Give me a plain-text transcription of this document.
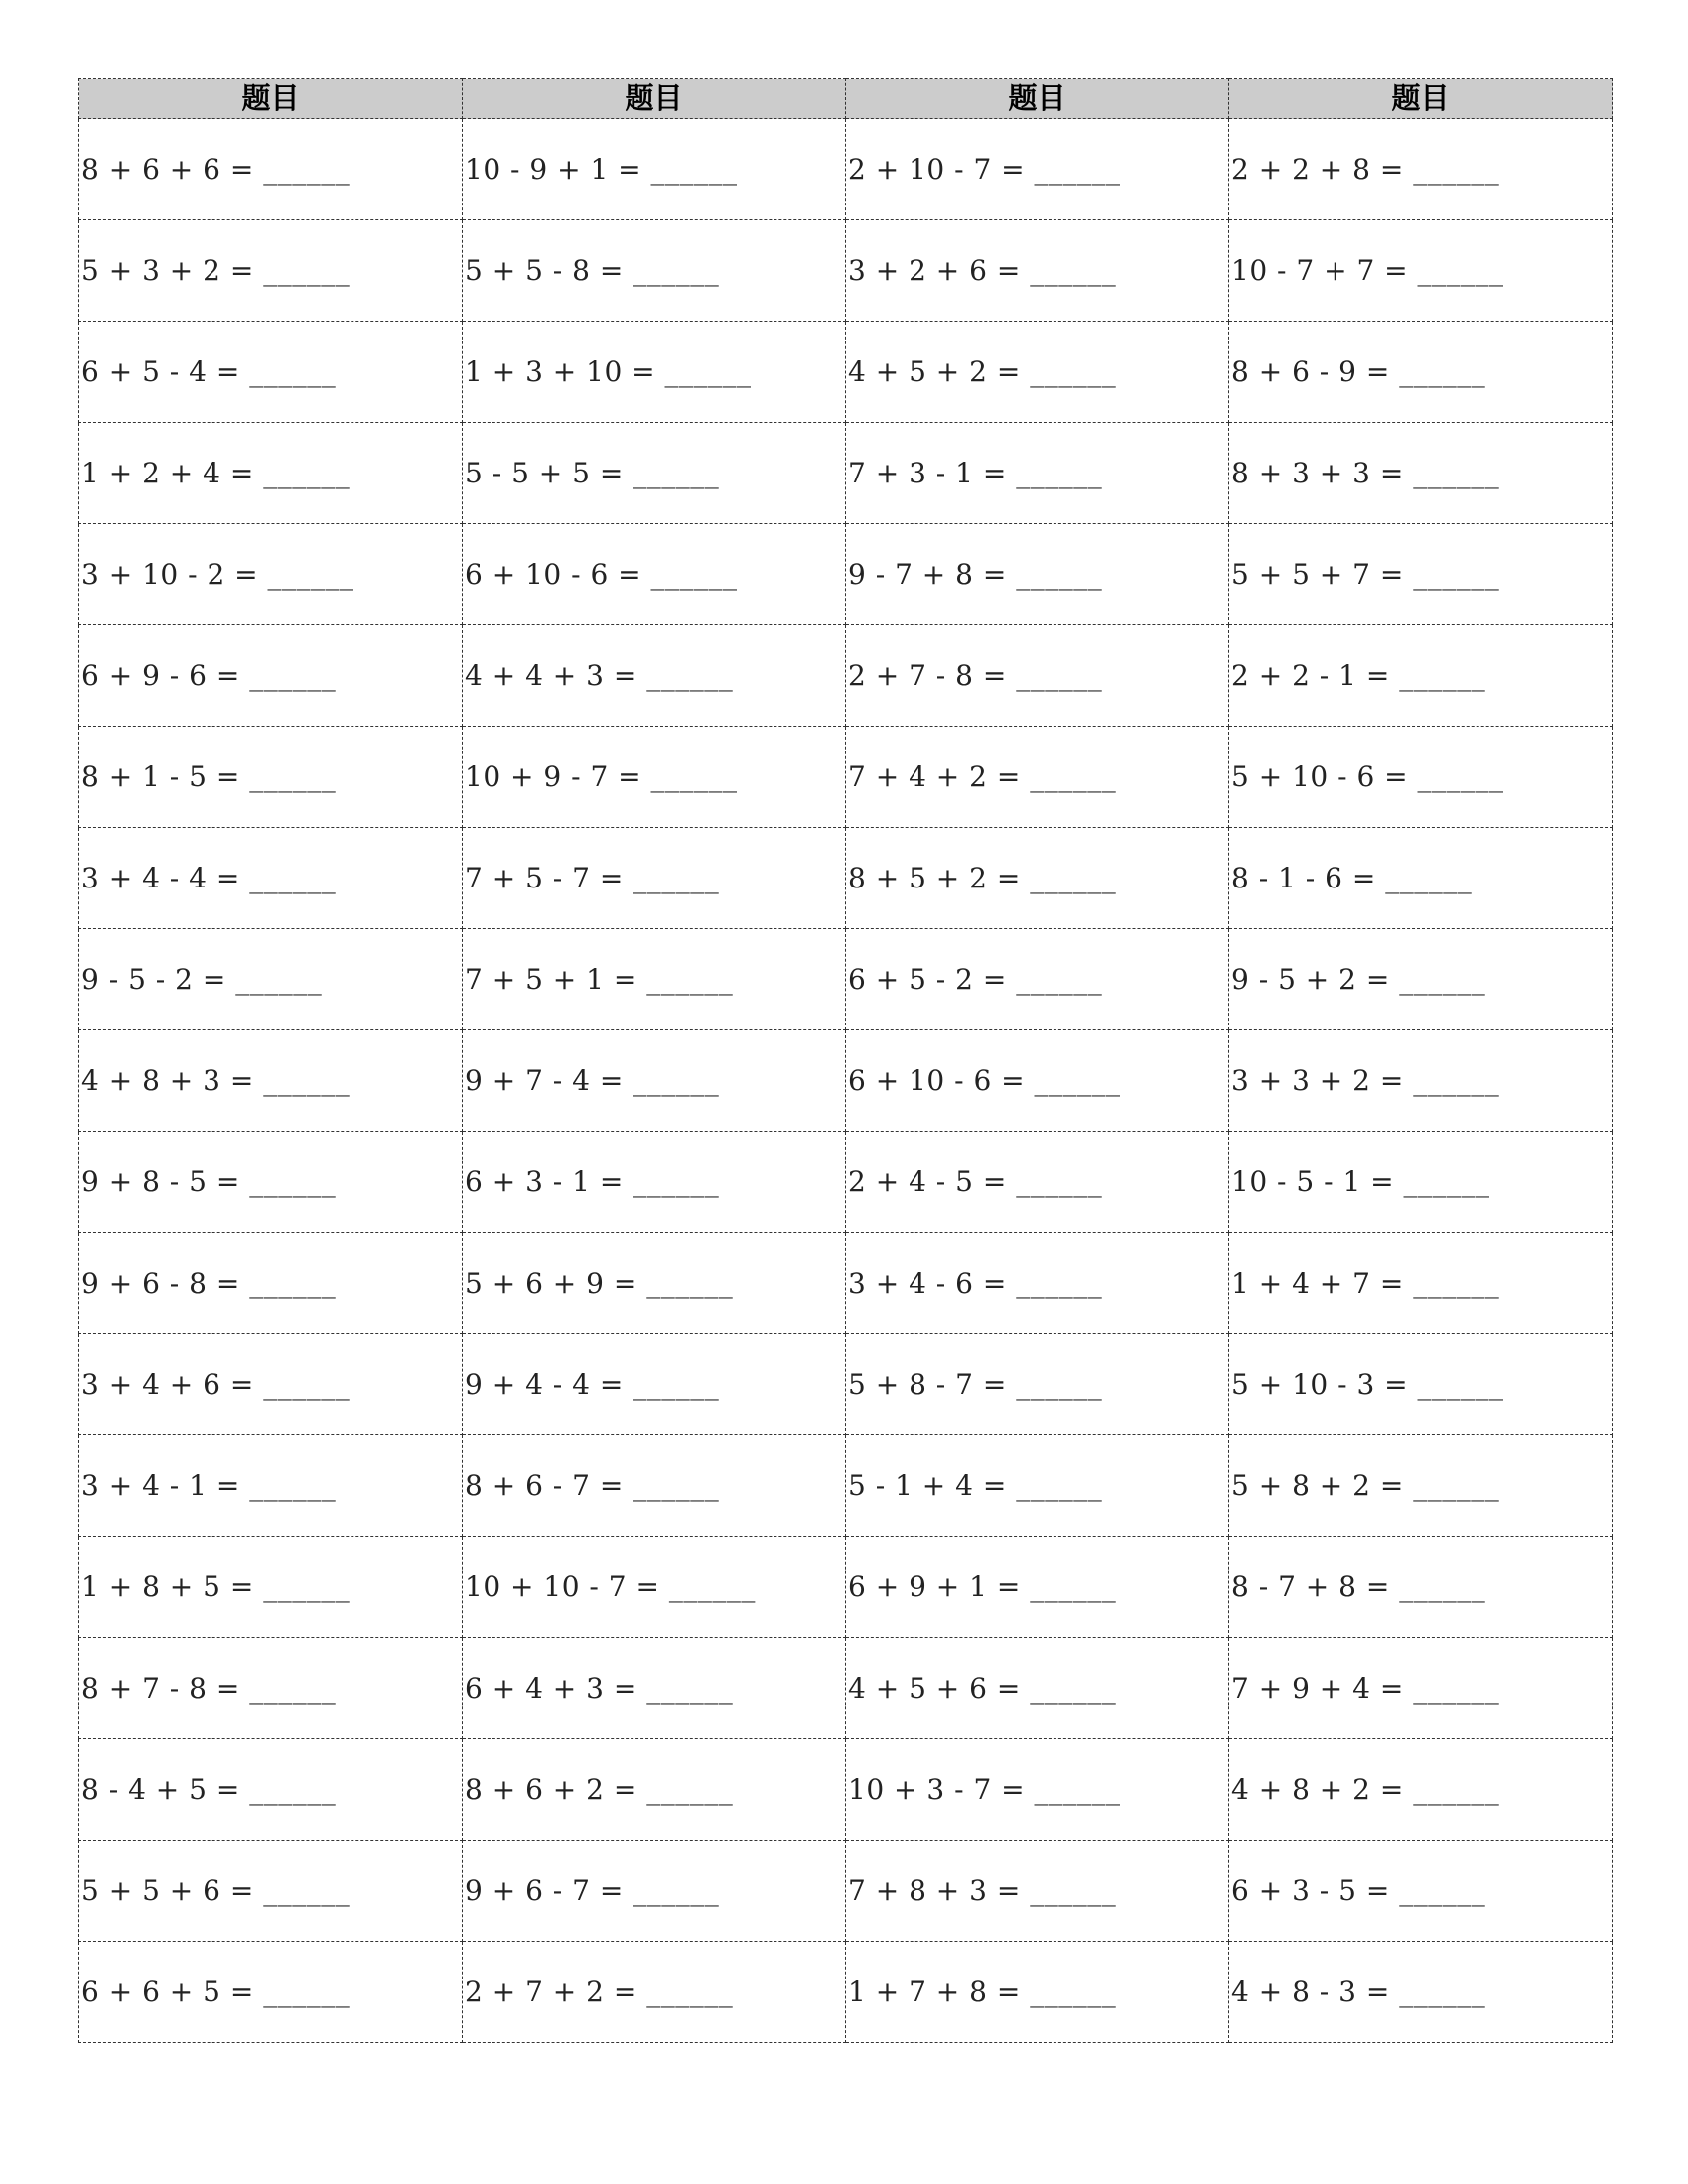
题目	题目	题目	题目
8 + 6 + 6 = ______	10 - 9 + 1 = ______	2 + 10 - 7 = ______	2 + 2 + 8 = ______
5 + 3 + 2 = ______	5 + 5 - 8 = ______	3 + 2 + 6 = ______	10 - 7 + 7 = ______
6 + 5 - 4 = ______	1 + 3 + 10 = ______	4 + 5 + 2 = ______	8 + 6 - 9 = ______
1 + 2 + 4 = ______	5 - 5 + 5 = ______	7 + 3 - 1 = ______	8 + 3 + 3 = ______
3 + 10 - 2 = ______	6 + 10 - 6 = ______	9 - 7 + 8 = ______	5 + 5 + 7 = ______
6 + 9 - 6 = ______	4 + 4 + 3 = ______	2 + 7 - 8 = ______	2 + 2 - 1 = ______
8 + 1 - 5 = ______	10 + 9 - 7 = ______	7 + 4 + 2 = ______	5 + 10 - 6 = ______
3 + 4 - 4 = ______	7 + 5 - 7 = ______	8 + 5 + 2 = ______	8 - 1 - 6 = ______
9 - 5 - 2 = ______	7 + 5 + 1 = ______	6 + 5 - 2 = ______	9 - 5 + 2 = ______
4 + 8 + 3 = ______	9 + 7 - 4 = ______	6 + 10 - 6 = ______	3 + 3 + 2 = ______
9 + 8 - 5 = ______	6 + 3 - 1 = ______	2 + 4 - 5 = ______	10 - 5 - 1 = ______
9 + 6 - 8 = ______	5 + 6 + 9 = ______	3 + 4 - 6 = ______	1 + 4 + 7 = ______
3 + 4 + 6 = ______	9 + 4 - 4 = ______	5 + 8 - 7 = ______	5 + 10 - 3 = ______
3 + 4 - 1 = ______	8 + 6 - 7 = ______	5 - 1 + 4 = ______	5 + 8 + 2 = ______
1 + 8 + 5 = ______	10 + 10 - 7 = ______	6 + 9 + 1 = ______	8 - 7 + 8 = ______
8 + 7 - 8 = ______	6 + 4 + 3 = ______	4 + 5 + 6 = ______	7 + 9 + 4 = ______
8 - 4 + 5 = ______	8 + 6 + 2 = ______	10 + 3 - 7 = ______	4 + 8 + 2 = ______
5 + 5 + 6 = ______	9 + 6 - 7 = ______	7 + 8 + 3 = ______	6 + 3 - 5 = ______
6 + 6 + 5 = ______	2 + 7 + 2 = ______	1 + 7 + 8 = ______	4 + 8 - 3 = ______
